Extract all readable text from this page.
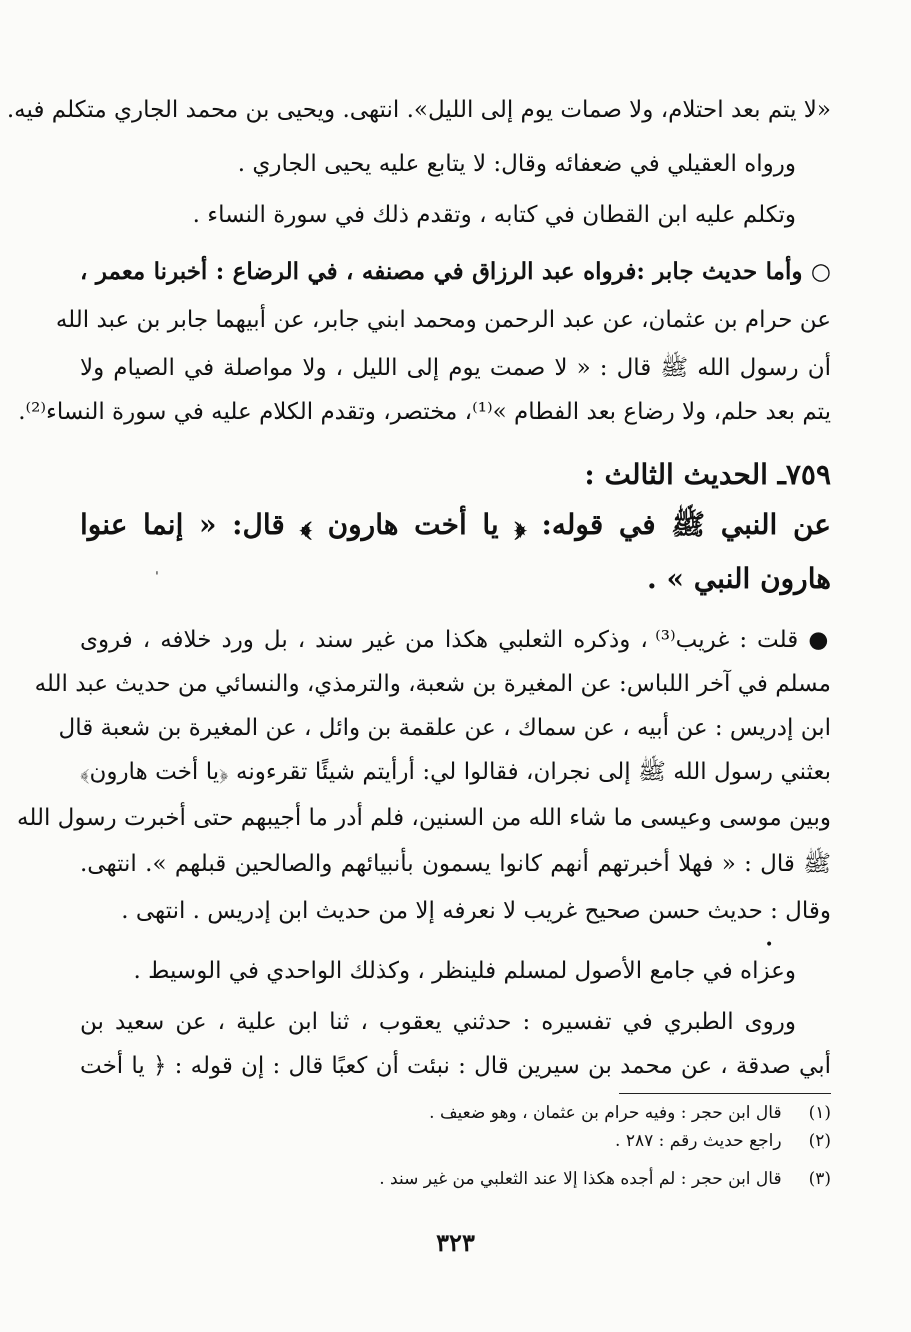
«لا يتم بعد احتلام، ولا صمات يوم إلى الليل». انتهى. ويحيى بن محمد الجاري متكلم فيه.
ورواه العقيلي في ضعفائه وقال: لا يتابع عليه يحيى الجاري .
وتكلم عليه ابن القطان في كتابه ، وتقدم ذلك في سورة النساء .
○ وأما حديث جابر :فرواه عبد الرزاق في مصنفه ، في الرضاع : أخبرنا معمر ،
عن حرام بن عثمان، عن عبد الرحمن ومحمد ابني جابر، عن أبيهما جابر بن عبد الله
أن رسول الله ﷺ قال : « لا صمت يوم إلى الليل ، ولا مواصلة في الصيام ولا
يتم بعد حلم، ولا رضاع بعد الفطام »⁽¹⁾، مختصر، وتقدم الكلام عليه في سورة النساء⁽²⁾.
٧٥٩ـ الحديث الثالث :
عن النبي ﷺ في قوله: ﴿ يا أخت هارون ﴾ قال: « إنما عنوا
هارون النبي » .
ˈ
● قلت : غريب⁽³⁾ ، وذكره الثعلبي هكذا من غير سند ، بل ورد خلافه ، فروى
مسلم في آخر اللباس: عن المغيرة بن شعبة، والترمذي، والنسائي من حديث عبد الله
ابن إدريس : عن أبيه ، عن سماك ، عن علقمة بن وائل ، عن المغيرة بن شعبة قال
بعثني رسول الله ﷺ إلى نجران، فقالوا لي: أرأيتم شيئًا تقرءونه ﴿يا أخت هارون﴾
وبين موسى وعيسى ما شاء الله من السنين، فلم أدر ما أجيبهم حتى أخبرت رسول الله
ﷺ قال : « فهلا أخبرتهم أنهم كانوا يسمون بأنبيائهم والصالحين قبلهم ». انتهى.
وقال : حديث حسن صحيح غريب لا نعرفه إلا من حديث ابن إدريس . انتهى .
•
وعزاه في جامع الأصول لمسلم فلينظر ، وكذلك الواحدي في الوسيط .
وروى الطبري في تفسيره : حدثني يعقوب ، ثنا ابن علية ، عن سعيد بن
أبي صدقة ، عن محمد بن سيرين قال : نبئت أن كعبًا قال : إن قوله : ﴿ يا أخت
(١) قال ابن حجر : وفيه حرام بن عثمان ، وهو ضعيف .
(٢) راجع حديث رقم : ٢٨٧ .
(٣) قال ابن حجر : لم أجده هكذا إلا عند الثعلبي من غير سند .
٣٢٣
